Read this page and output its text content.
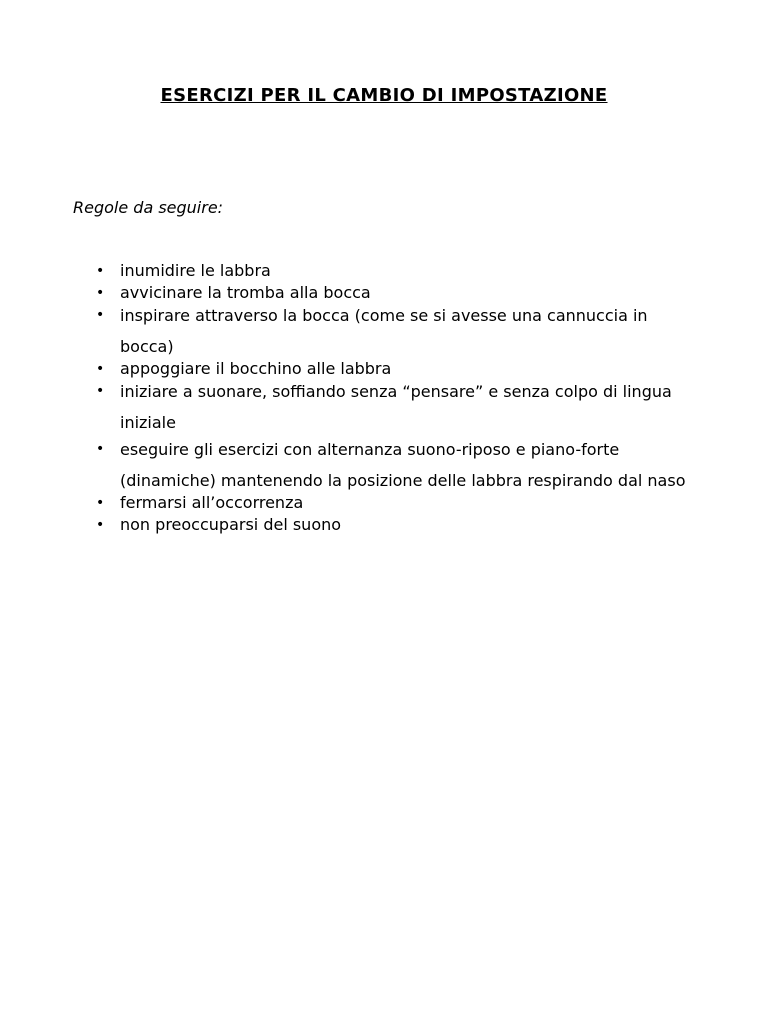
ESERCIZI PER IL CAMBIO DI IMPOSTAZIONE

Regole da seguire:

• inumidire le labbra
• avvicinare la tromba alla bocca
• inspirare attraverso la bocca (come se si avesse una cannuccia in bocca)
• appoggiare il bocchino alle labbra
• iniziare a suonare, soffiando senza “pensare” e senza colpo di lingua iniziale
• eseguire gli esercizi con alternanza suono-riposo e piano-forte (dinamiche) mantenendo la posizione delle labbra respirando dal naso
• fermarsi all’occorrenza
• non preoccuparsi del suono
